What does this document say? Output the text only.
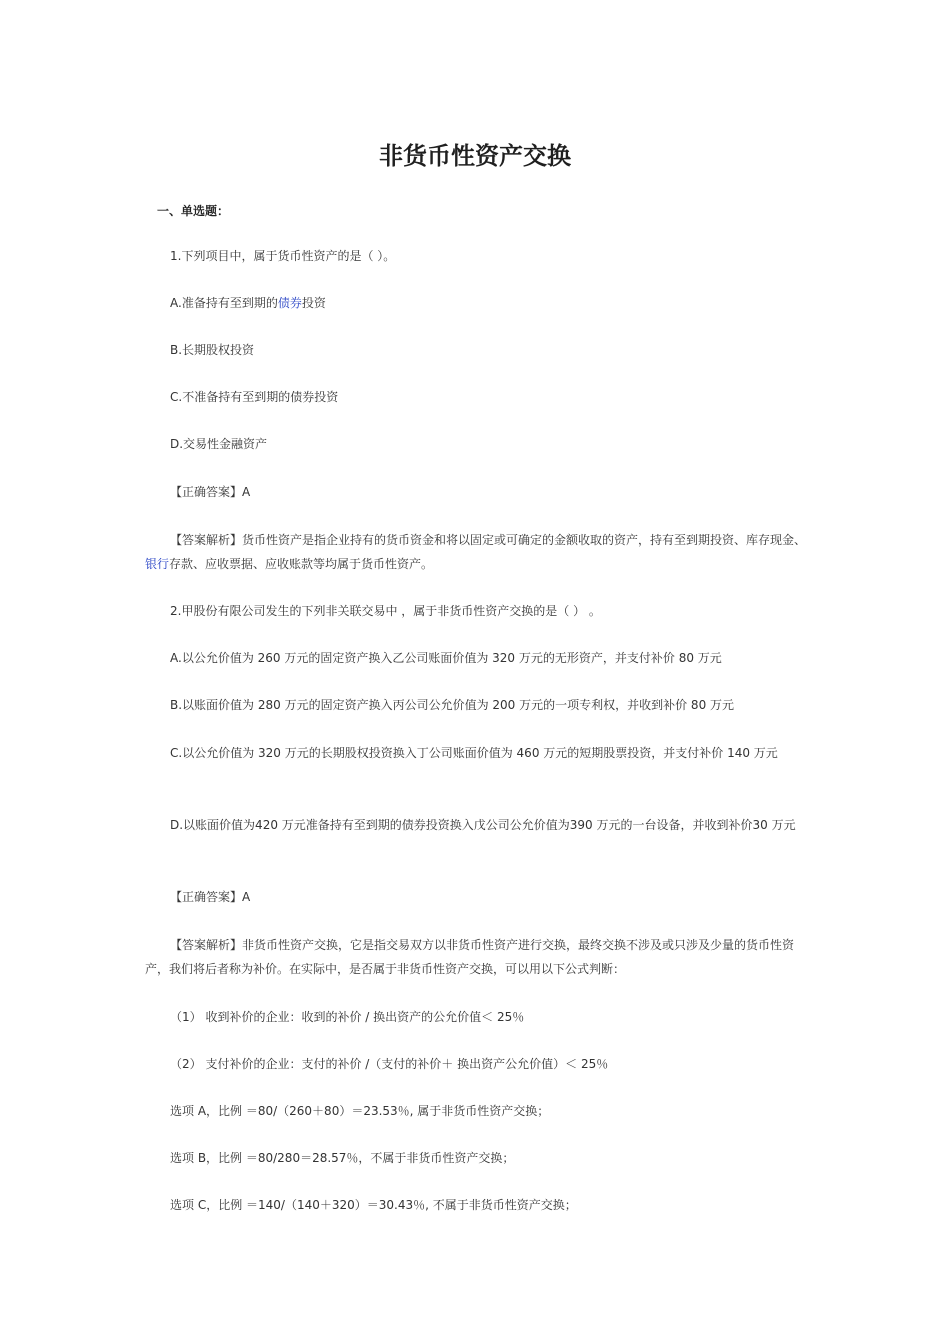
非货币性资产交换
一、单选题：

1.下列项目中，属于货币性资产的是（ ）。

A.准备持有至到期的债券投资

B.长期股权投资

C.不准备持有至到期的债券投资

D.交易性金融资产

【正确答案】A

【答案解析】货币性资产是指企业持有的货币资金和将以固定或可确定的金额收取的资产，持有至到期投资、库存现金、银行存款、应收票据、应收账款等均属于货币性资产。

2.甲股份有限公司发生的下列非关联交易中 ，属于非货币性资产交换的是（ ） 。

A.以公允价值为 260 万元的固定资产换入乙公司账面价值为 320 万元的无形资产，并支付补价 80 万元

B.以账面价值为 280 万元的固定资产换入丙公司公允价值为 200 万元的一项专利权，并收到补价 80 万元

C.以公允价值为 320 万元的长期股权投资换入丁公司账面价值为 460 万元的短期股票投资，并支付补价 140 万元

D.以账面价值为420 万元准备持有至到期的债券投资换入戊公司公允价值为390 万元的一台设备，并收到补价30 万元

【正确答案】A

【答案解析】非货币性资产交换，它是指交易双方以非货币性资产进行交换，最终交换不涉及或只涉及少量的货币性资产，我们将后者称为补价。在实际中，是否属于非货币性资产交换，可以用以下公式判断：

（1） 收到补价的企业：收到的补价 / 换出资产的公允价值＜ 25％

（2） 支付补价的企业：支付的补价 /（支付的补价＋ 换出资产公允价值）＜ 25％

选项 A，比例 ＝80/（260＋80）＝23.53％, 属于非货币性资产交换；

选项 B，比例 ＝80/280＝28.57％，不属于非货币性资产交换；

选项 C，比例 ＝140/（140＋320）＝30.43％, 不属于非货币性资产交换；
